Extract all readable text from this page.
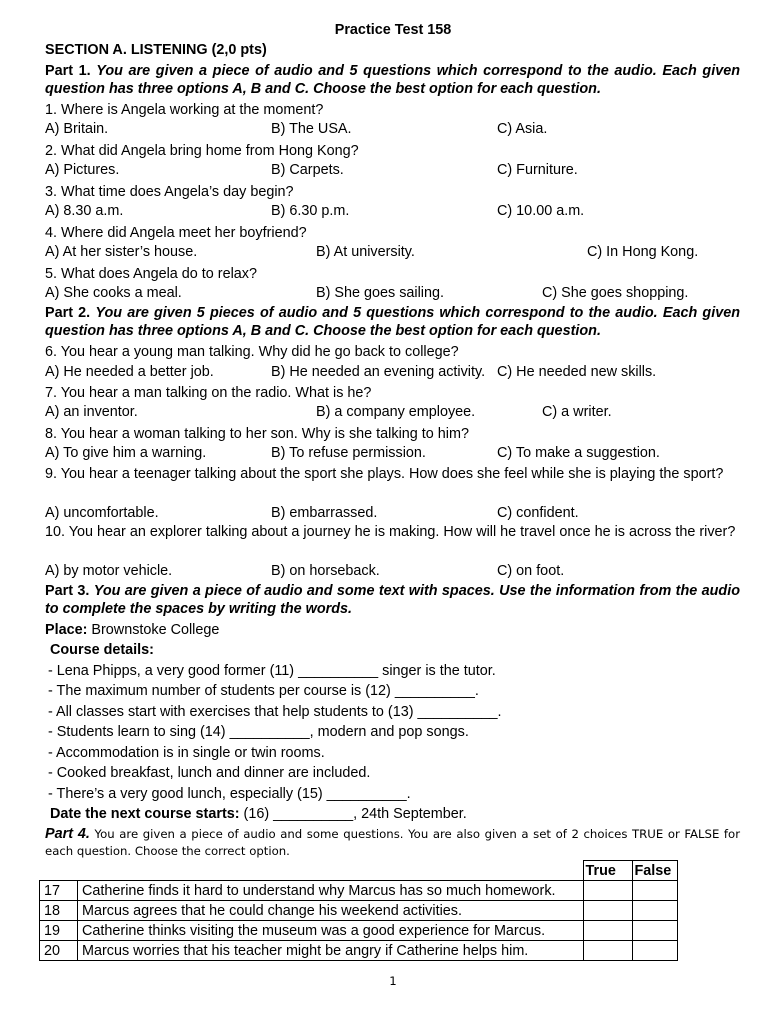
Practice Test 158
SECTION A. LISTENING (2,0 pts)
Part 1. You are given a piece of audio and 5 questions which correspond to the audio. Each given question has three options A, B and C. Choose the best option for each question.
1. Where is Angela working at the moment?
A) Britain.	B) The USA.	C) Asia.
2. What did Angela bring home from Hong Kong?
A) Pictures.	B) Carpets.	C) Furniture.
3. What time does Angela’s day begin?
A) 8.30 a.m.	B) 6.30 p.m.	C) 10.00 a.m.
4. Where did Angela meet her boyfriend?
A) At her sister’s house.	B) At university.	C) In Hong Kong.
5. What does Angela do to relax?
A) She cooks a meal.	B) She goes sailing.	C) She goes shopping.
Part 2. You are given 5 pieces of audio and 5 questions which correspond to the audio. Each given question has three options A, B and C. Choose the best option for each question.
6. You hear a young man talking. Why did he go back to college?
A) He needed a better job.	B) He needed an evening activity. C) He needed new skills.
7. You hear a man talking on the radio. What is he?
A) an inventor.	B) a company employee.	C) a writer.
8. You hear a woman talking to her son. Why is she talking to him?
A) To give him a warning.	B) To refuse permission.	C) To make a suggestion.
9. You hear a teenager talking about the sport she plays. How does she feel while she is playing the sport?
A) uncomfortable.	B) embarrassed.	C) confident.
10. You hear an explorer talking about a journey he is making. How will he travel once he is across the river?
A) by motor vehicle.	B) on horseback.	C) on foot.
Part 3. You are given a piece of audio and some text with spaces. Use the information from the audio to complete the spaces by writing the words.
Place: Brownstoke College
Course details:
- Lena Phipps, a very good former (11) __________ singer is the tutor.
- The maximum number of students per course is (12) __________.
- All classes start with exercises that help students to (13) __________.
- Students learn to sing (14) __________, modern and pop songs.
- Accommodation is in single or twin rooms.
- Cooked breakfast, lunch and dinner are included.
- There’s a very good lunch, especially (15) __________.
Date the next course starts: (16) __________, 24th September.
Part 4. You are given a piece of audio and some questions. You are also given a set of 2 choices TRUE or FALSE for each question. Choose the correct option.
		True	False
17	Catherine finds it hard to understand why Marcus has so much homework.		
18	Marcus agrees that he could change his weekend activities.		
19	Catherine thinks visiting the museum was a good experience for Marcus.		
20	Marcus worries that his teacher might be angry if Catherine helps him.		
1
